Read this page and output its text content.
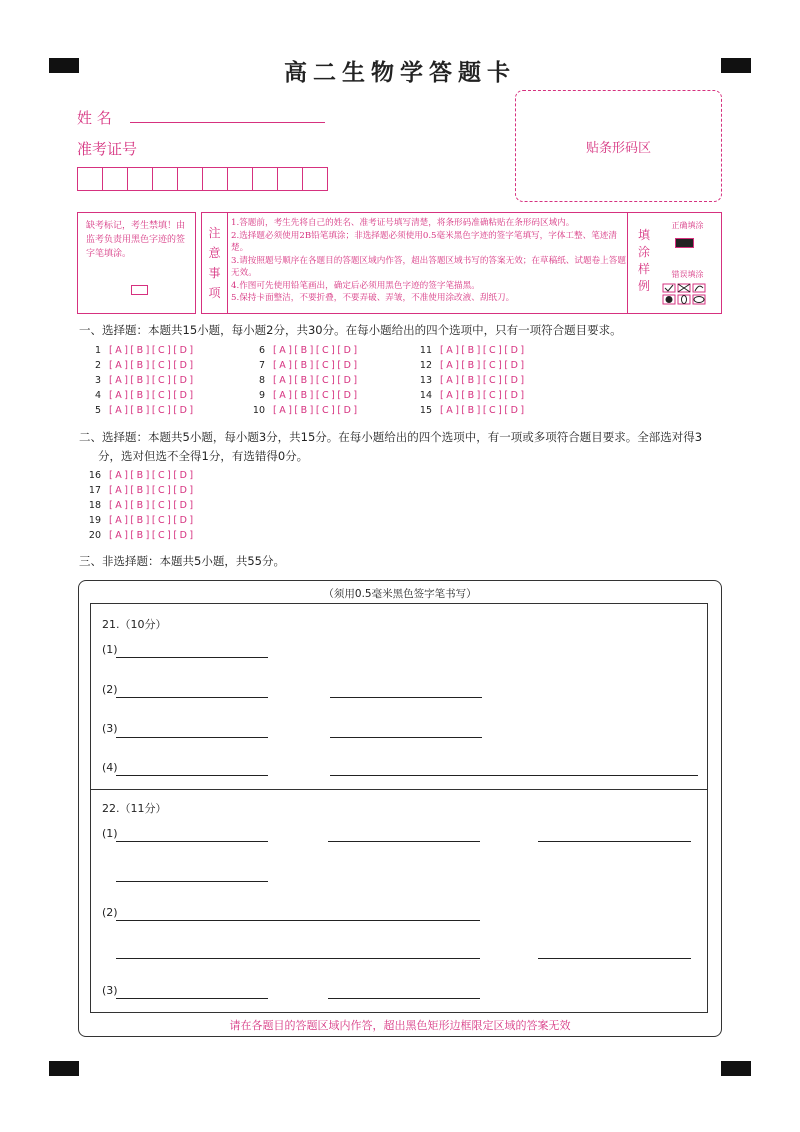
高二生物学答题卡
姓 名
准考证号	贴条形码区
缺考标记，考生禁填！由监考负责用黑色字迹的签字笔填涂。
注
意
事
项
1.答题前，考生先将自己的姓名、准考证号填写清楚，将条形码准确粘贴在条形码区域内。
2.选择题必须使用2B铅笔填涂；非选择题必须使用0.5毫米黑色字迹的签字笔填写，字体工整、笔迹清楚。
3.请按照题号顺序在各题目的答题区域内作答，超出答题区域书写的答案无效；在草稿纸、试题卷上答题无效。
4.作图可先使用铅笔画出，确定后必须用黑色字迹的签字笔描黑。
5.保持卡面整洁，不要折叠，不要弄破、弄皱，不准使用涂改液、刮纸刀。
填
涂
样
例
正确填涂
错误填涂
一、选择题：本题共15小题，每小题2分，共30分。在每小题给出的四个选项中，只有一项符合题目要求。
1 [A][B][C][D]
2 [A][B][C][D]
3 [A][B][C][D]
4 [A][B][C][D]
5 [A][B][C][D]
6 [A][B][C][D]
7 [A][B][C][D]
8 [A][B][C][D]
9 [A][B][C][D]
10 [A][B][C][D]
11 [A][B][C][D]
12 [A][B][C][D]
13 [A][B][C][D]
14 [A][B][C][D]
15 [A][B][C][D]
二、选择题：本题共5小题，每小题3分，共15分。在每小题给出的四个选项中，有一项或多项符合题目要求。全部选对得3
分，选对但选不全得1分，有选错得0分。
16 [A][B][C][D]
17 [A][B][C][D]
18 [A][B][C][D]
19 [A][B][C][D]
20 [A][B][C][D]
三、非选择题：本题共5小题，共55分。
（须用0.5毫米黑色签字笔书写）
21.（10分）
(1)
(2)
(3)
(4)
22.（11分）
(1)
(2)
(3)
请在各题目的答题区域内作答，超出黑色矩形边框限定区域的答案无效
